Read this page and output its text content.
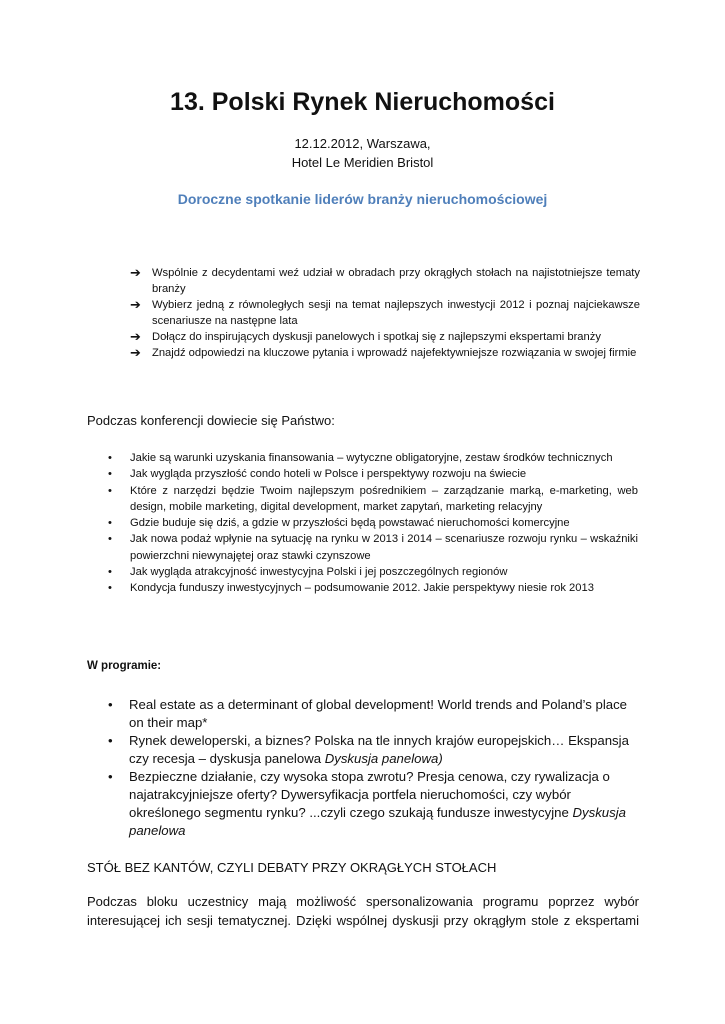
13. Polski Rynek Nieruchomości
12.12.2012, Warszawa,
Hotel Le Meridien Bristol
Doroczne spotkanie liderów branży nieruchomościowej
➔ Wspólnie z decydentami weź udział w obradach przy okrągłych stołach na najistotniejsze tematy branży
➔ Wybierz jedną z równoległych sesji na temat najlepszych inwestycji 2012 i poznaj najciekawsze scenariusze na następne lata
➔ Dołącz do inspirujących dyskusji panelowych i spotkaj się z najlepszymi ekspertami branży
➔ Znajdź odpowiedzi na kluczowe pytania i wprowadź najefektywniejsze rozwiązania w swojej firmie
Podczas konferencji dowiecie się Państwo:
• Jakie są warunki uzyskania finansowania – wytyczne obligatoryjne, zestaw środków technicznych
• Jak wygląda przyszłość condo hoteli w Polsce i perspektywy rozwoju na świecie
• Które z narzędzi będzie Twoim najlepszym pośrednikiem – zarządzanie marką, e-marketing, web design, mobile marketing, digital development, market zapytań, marketing relacyjny
• Gdzie buduje się dziś, a gdzie w przyszłości będą powstawać nieruchomości komercyjne
• Jak nowa podaż wpłynie na sytuację na rynku w 2013 i 2014 – scenariusze rozwoju rynku – wskaźniki powierzchni niewynajętej oraz stawki czynszowe
• Jak wygląda atrakcyjność inwestycyjna Polski i jej poszczególnych regionów
• Kondycja funduszy inwestycyjnych – podsumowanie 2012. Jakie perspektywy niesie rok 2013
W programie:
• Real estate as a determinant of global development! World trends and Poland’s place on their map*
• Rynek deweloperski, a biznes? Polska na tle innych krajów europejskich… Ekspansja czy recesja – dyskusja panelowa Dyskusja panelowa)
• Bezpieczne działanie, czy wysoka stopa zwrotu? Presja cenowa, czy rywalizacja o najatrakcyjniejsze oferty? Dywersyfikacja portfela nieruchomości, czy wybór określonego segmentu rynku? ...czyli czego szukają fundusze inwestycyjne Dyskusja panelowa
STÓŁ BEZ KANTÓW, CZYLI DEBATY PRZY OKRĄGŁYCH STOŁACH
Podczas bloku uczestnicy mają możliwość spersonalizowania programu poprzez wybór interesującej ich sesji tematycznej. Dzięki wspólnej dyskusji przy okrągłym stole z ekspertami
